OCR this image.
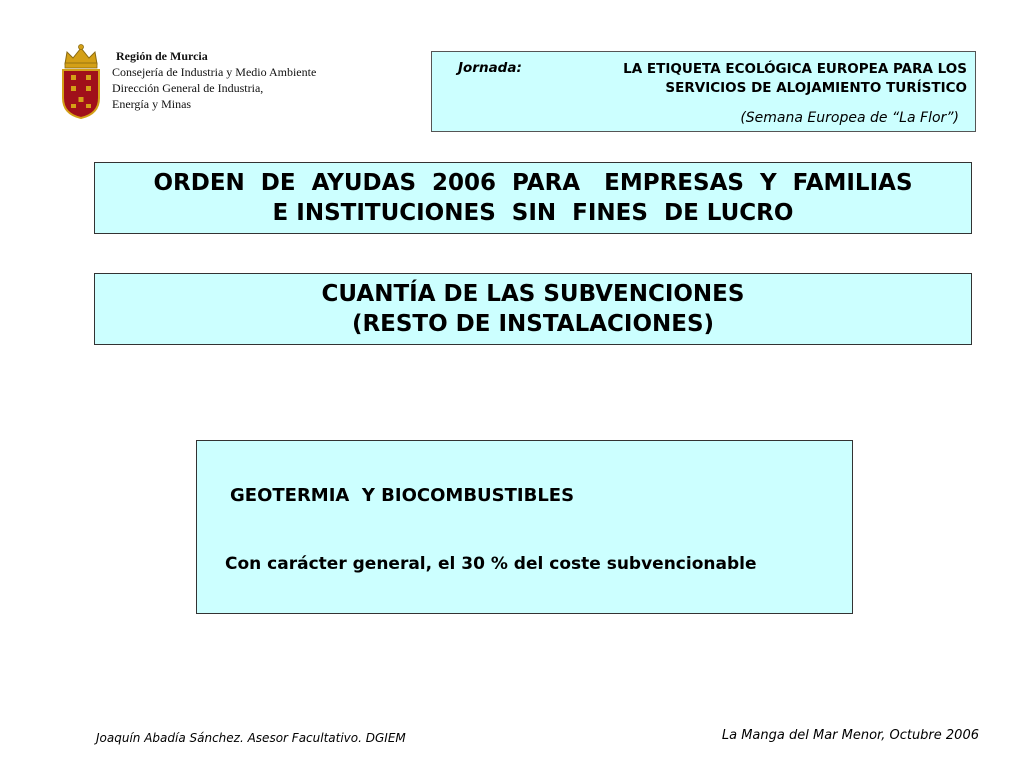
Región de Murcia
Consejería de Industria y Medio Ambiente
Dirección General de Industria,
Energía y Minas
Jornada:	LA ETIQUETA ECOLÓGICA EUROPEA PARA LOS
SERVICIOS DE ALOJAMIENTO TURÍSTICO
(Semana Europea de “La Flor”)
ORDEN  DE  AYUDAS  2006  PARA   EMPRESAS  Y  FAMILIAS
E INSTITUCIONES  SIN  FINES  DE LUCRO
CUANTÍA DE LAS SUBVENCIONES
(RESTO DE INSTALACIONES)
GEOTERMIA  Y BIOCOMBUSTIBLES
Con carácter general, el 30 % del coste subvencionable
Joaquín Abadía Sánchez. Asesor Facultativo. DGIEM	La Manga del Mar Menor, Octubre 2006
